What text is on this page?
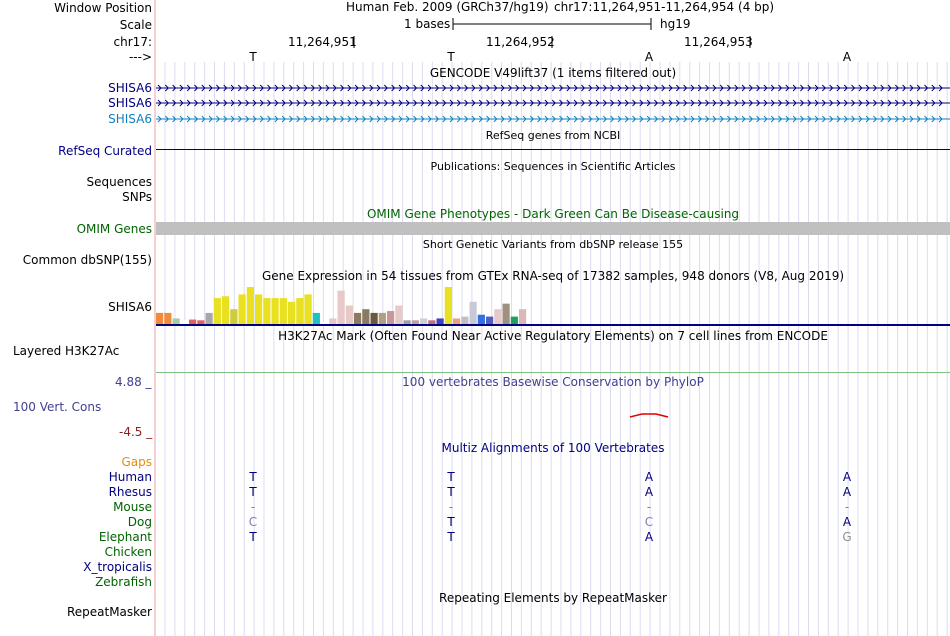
Window Position
Scale
chr17:
--->
Human Feb. 2009 (GRCh37/hg19) chr17:11,264,951-11,264,954 (4 bp)
1 bases	hg19
11,264,951	11,264,952	11,264,953
T	T	A	A
GENCODE V49lift37 (1 items filtered out)
SHISA6
SHISA6
SHISA6
RefSeq genes from NCBI
RefSeq Curated
Publications: Sequences in Scientific Articles
Sequences
SNPs
OMIM Gene Phenotypes - Dark Green Can Be Disease-causing
OMIM Genes
Short Genetic Variants from dbSNP release 155
Common dbSNP(155)
Gene Expression in 54 tissues from GTEx RNA-seq of 17382 samples, 948 donors (V8, Aug 2019)
SHISA6
H3K27Ac Mark (Often Found Near Active Regulatory Elements) on 7 cell lines from ENCODE
Layered H3K27Ac
4.88 _	100 vertebrates Basewise Conservation by PhyloP
100 Vert. Cons
-4.5 _
Multiz Alignments of 100 Vertebrates
Gaps
Human	T	T	A	A
Rhesus	T	T	A	A
Mouse	-	-	-	-
Dog	C	T	C	A
Elephant	T	T	A	G
Chicken
X_tropicalis
Zebrafish
Repeating Elements by RepeatMasker
RepeatMasker
